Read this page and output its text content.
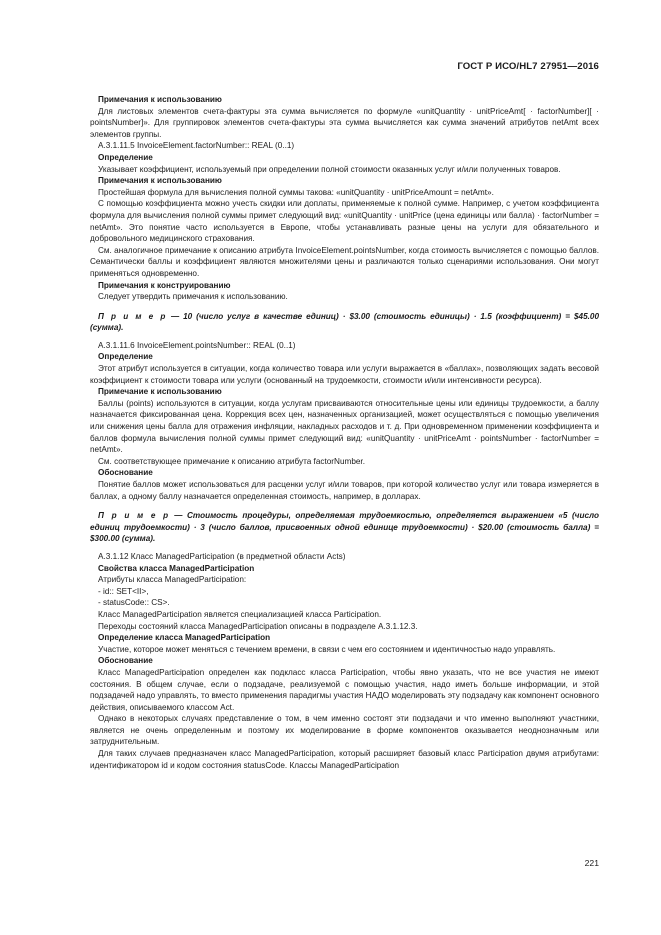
ГОСТ Р ИСО/HL7 27951—2016
Примечания к использованию

Для листовых элементов счета-фактуры эта сумма вычисляется по формуле «unitQuantity · unitPriceAmt[ · factorNumber][ · pointsNumber]». Для группировок элементов счета-фактуры эта сумма вычисляется как сумма значений атрибутов netAmt всех элементов группы.

A.3.1.11.5 InvoiceElement.factorNumber:: REAL (0..1)
Определение

Указывает коэффициент, используемый при определении полной стоимости оказанных услуг и/или полученных товаров.

Примечания к использованию

Простейшая формула для вычисления полной суммы такова: «unitQuantity · unitPriceAmount = netAmt».

С помощью коэффициента можно учесть скидки или доплаты, применяемые к полной сумме. Например, с учетом коэффициента формула для вычисления полной суммы примет следующий вид: «unitQuantity · unitPrice (цена единицы или балла) · factorNumber = netAmt». Это понятие часто используется в Европе, чтобы устанавливать разные цены на услуги для обязательного и добровольного медицинского страхования.

См. аналогичное примечание к описанию атрибута InvoiceElement.pointsNumber, когда стоимость вычисляется с помощью баллов. Семантически баллы и коэффициент являются множителями цены и различаются только сценариями использования. Они могут применяться одновременно.

Примечания к конструированию

Следует утвердить примечания к использованию.

П р и м е р — 10 (число услуг в качестве единиц) · $3.00 (стоимость единицы) · 1.5 (коэффициент) = $45.00 (сумма).

A.3.1.11.6 InvoiceElement.pointsNumber:: REAL (0..1)
Определение

Этот атрибут используется в ситуации, когда количество товара или услуги выражается в «баллах», позволяющих задать весовой коэффициент к стоимости товара или услуги (основанный на трудоемкости, стоимости и/или интенсивности ресурса).

Примечание к использованию

Баллы (points) используются в ситуации, когда услугам присваиваются относительные цены или единицы трудоемкости, а баллу назначается фиксированная цена. Коррекция всех цен, назначенных организацией, может осуществляться с помощью увеличения или снижения цены балла для отражения инфляции, накладных расходов и т. д. При одновременном применении коэффициента и баллов формула вычисления полной суммы примет следующий вид: «unitQuantity · unitPriceAmt · pointsNumber · factorNumber = netAmt».

См. соответствующее примечание к описанию атрибута factorNumber.

Обоснование

Понятие баллов может использоваться для расценки услуг и/или товаров, при которой количество услуг или товара измеряется в баллах, а одному баллу назначается определенная стоимость, например, в долларах.

П р и м е р — Стоимость процедуры, определяемая трудоемкостью, определяется выражением «5 (число единиц трудоемкости) · 3 (число баллов, присвоенных одной единице трудоемкости) · $20.00 (стоимость балла) = $300.00 (сумма).

A.3.1.12 Класс ManagedParticipation (в предметной области Acts)
Свойства класса ManagedParticipation
Атрибуты класса ManagedParticipation:
- id:: SET<II>,
- statusCode:: CS>.
Класс ManagedParticipation является специализацией класса Participation.
Переходы состояний класса ManagedParticipation описаны в подразделе A.3.1.12.3.
Определение класса ManagedParticipation

Участие, которое может меняться с течением времени, в связи с чем его состоянием и идентичностью надо управлять.

Обоснование

Класс ManagedParticipation определен как подкласс класса Participation, чтобы явно указать, что не все участия не имеют состояния. В общем случае, если о подзадаче, реализуемой с помощью участия, надо иметь больше информации, и этой подзадачей надо управлять, то вместо применения парадигмы участия НАДО моделировать эту подзадачу как компонент основного действия, описываемого классом Act.

Однако в некоторых случаях представление о том, в чем именно состоят эти подзадачи и что именно выполняют участники, является не очень определенным и поэтому их моделирование в форме компонентов оказывается неоднозначным или затруднительным.

Для таких случаев предназначен класс ManagedParticipation, который расширяет базовый класс Participation двумя атрибутами: идентификатором id и кодом состояния statusCode. Классы ManagedParticipation

221
